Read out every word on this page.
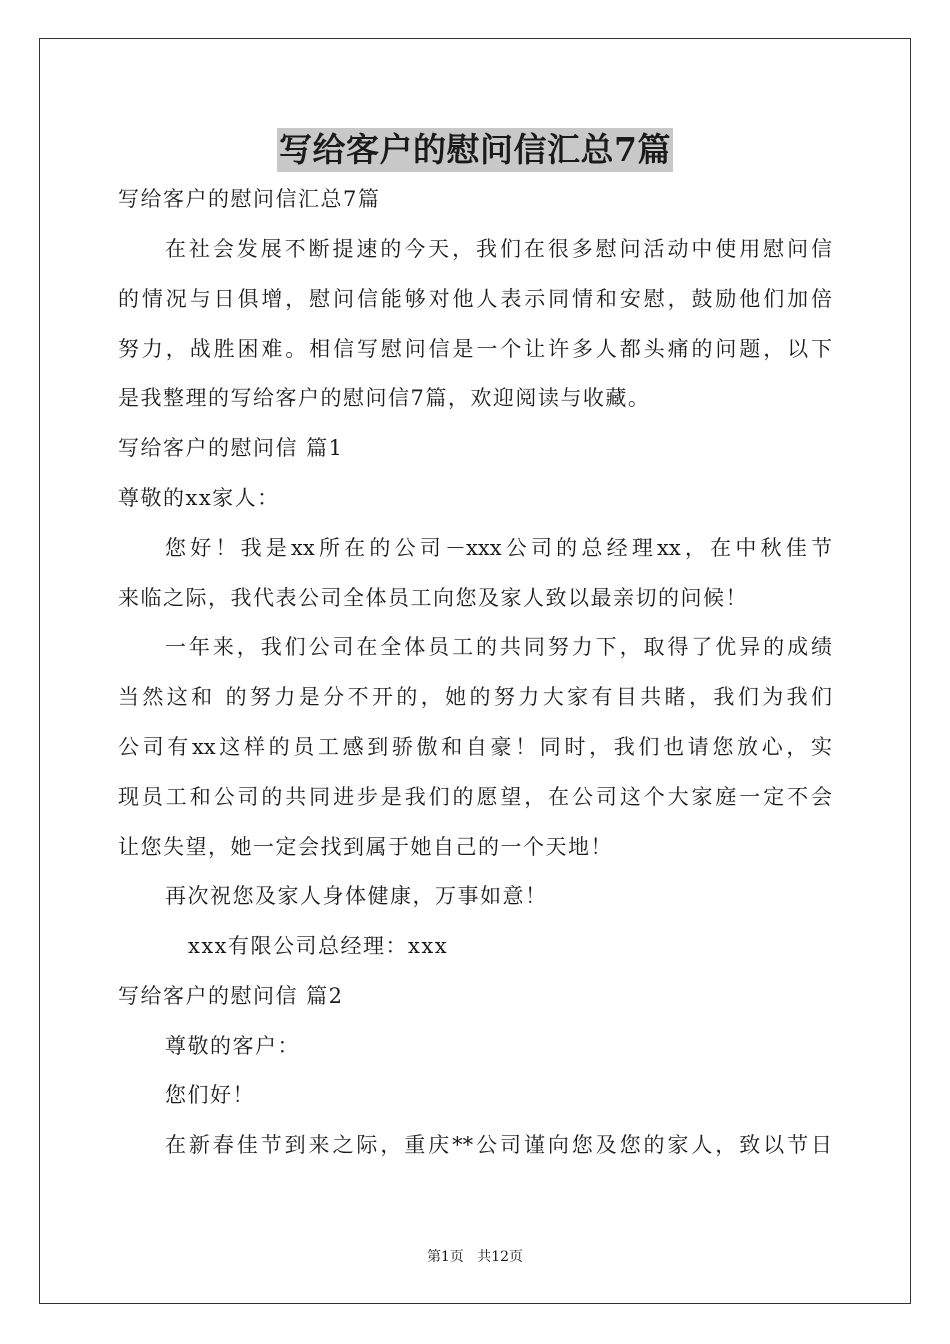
写给客户的慰问信汇总7篇
写给客户的慰问信汇总7篇
在社会发展不断提速的今天，我们在很多慰问活动中使用慰问信
的情况与日俱增，慰问信能够对他人表示同情和安慰，鼓励他们加倍
努力，战胜困难。相信写慰问信是一个让许多人都头痛的问题，以下
是我整理的写给客户的慰问信7篇，欢迎阅读与收藏。
写给客户的慰问信 篇1
尊敬的xx家人：
您好！我是xx所在的公司－xxx公司的总经理xx，在中秋佳节
来临之际，我代表公司全体员工向您及家人致以最亲切的问候！
一年来，我们公司在全体员工的共同努力下，取得了优异的成绩
当然这和 的努力是分不开的，她的努力大家有目共睹，我们为我们
公司有xx这样的员工感到骄傲和自豪！同时，我们也请您放心，实
现员工和公司的共同进步是我们的愿望，在公司这个大家庭一定不会
让您失望，她一定会找到属于她自己的一个天地！
再次祝您及家人身体健康，万事如意！
xxx有限公司总经理：xxx
写给客户的慰问信 篇2
尊敬的客户：
您们好！
在新春佳节到来之际，重庆**公司谨向您及您的家人，致以节日
第1页 共12页
